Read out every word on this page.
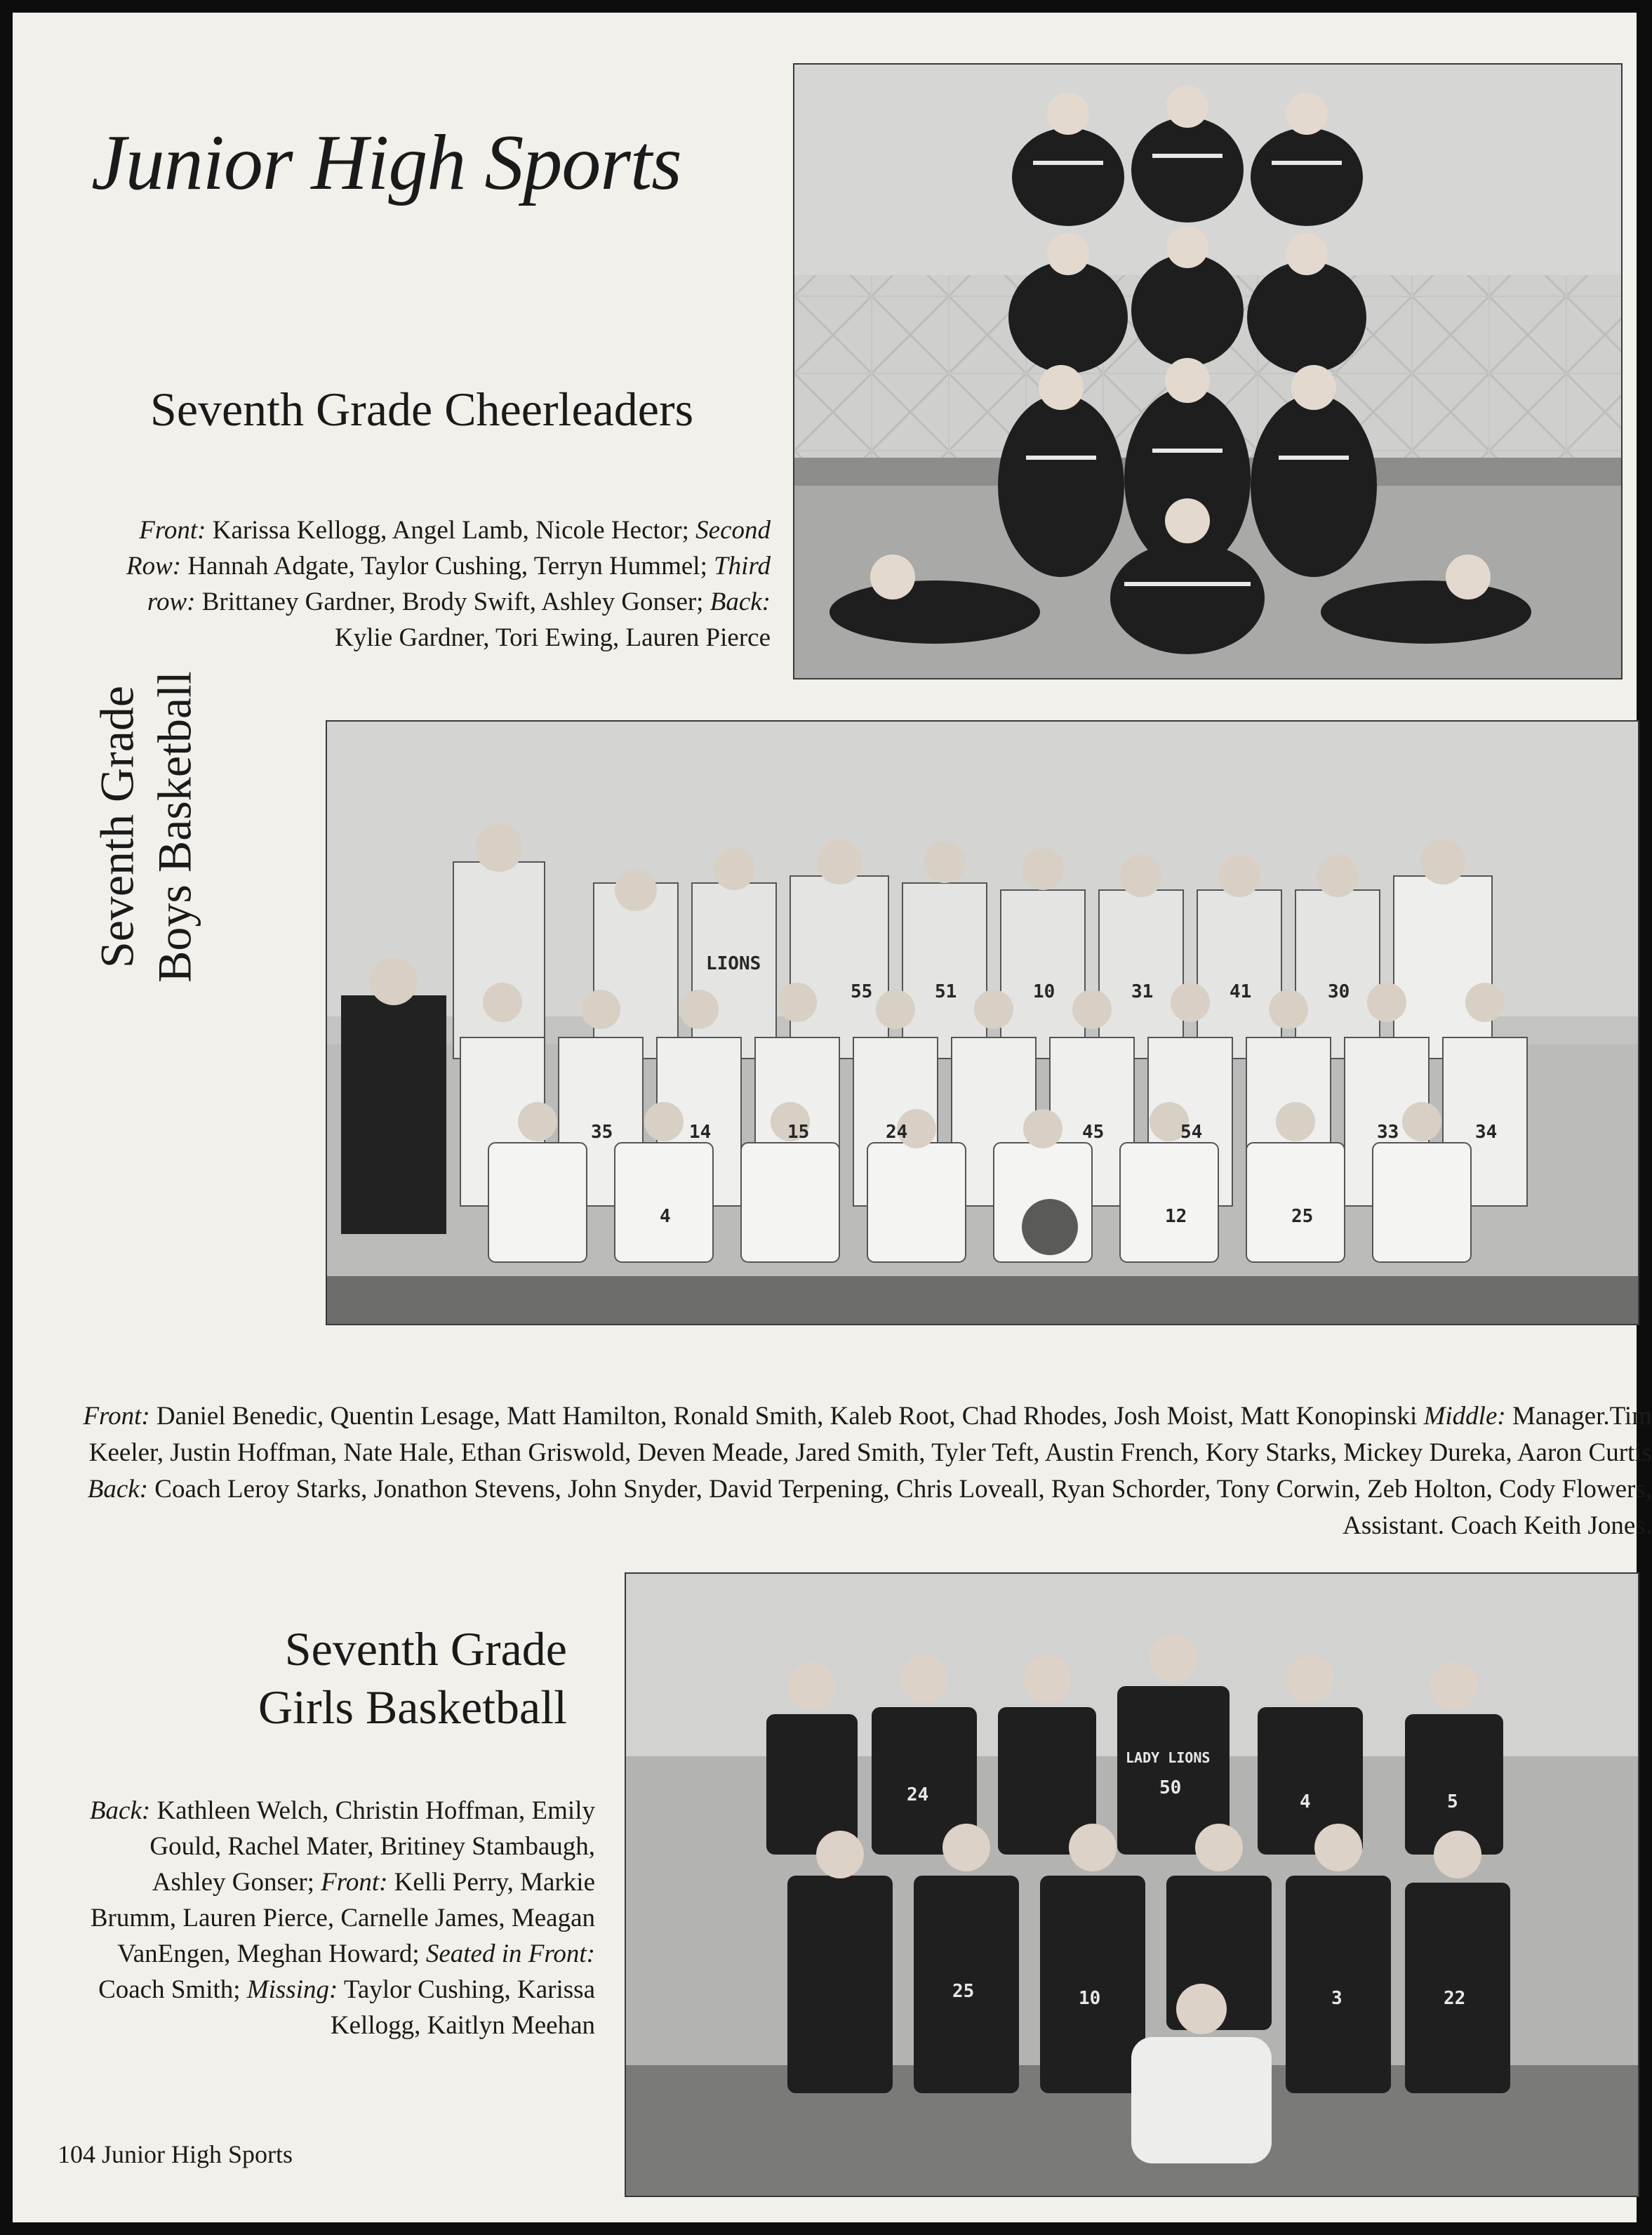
Junior High Sports
Seventh Grade Cheerleaders

Front: Karissa Kellogg, Angel Lamb, Nicole Hector; Second Row: Hannah Adgate, Taylor Cushing, Terryn Hummel; Third row: Brittaney Gardner, Brody Swift, Ashley Gonser; Back: Kylie Gardner, Tori Ewing, Lauren Pierce

Seventh Grade Boys Basketball	LIONS
55	51	10	31	41	30
35	14	15	24	45	54	33	34
4	12	25

Front: Daniel Benedic, Quentin Lesage, Matt Hamilton, Ronald Smith, Kaleb Root, Chad Rhodes, Josh Moist, Matt Konopinski Middle: Manager.Tim Keeler, Justin Hoffman, Nate Hale, Ethan Griswold, Deven Meade, Jared Smith, Tyler Teft, Austin French, Kory Starks, Mickey Dureka, Aaron Curtis Back: Coach Leroy Starks, Jonathon Stevens, John Snyder, David Terpening, Chris Loveall, Ryan Schorder, Tony Corwin, Zeb Holton, Cody Flowers, Assistant. Coach Keith Jones.

Seventh Grade
Girls Basketball

Back: Kathleen Welch, Christin Hoffman, Emily Gould, Rachel Mater, Britiney Stambaugh, Ashley Gonser; Front: Kelli Perry, Markie Brumm, Lauren Pierce, Carnelle James, Meagan VanEngen, Meghan Howard; Seated in Front: Coach Smith; Missing: Taylor Cushing, Karissa Kellogg, Kaitlyn Meehan

LADY LIONS
24	50
4	5
25	10	3	22
104 Junior High Sports
